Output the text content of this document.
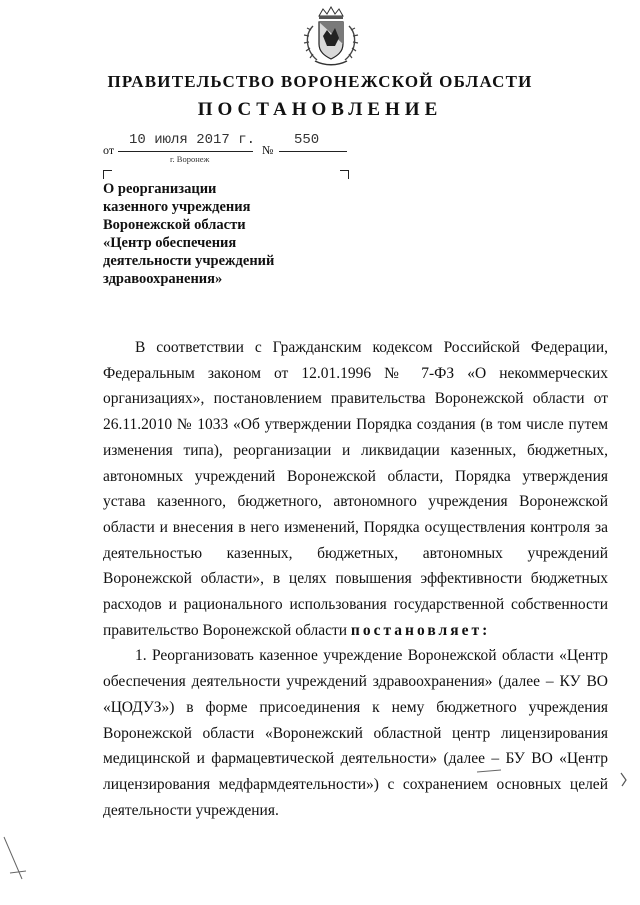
ПРАВИТЕЛЬСТВО ВОРОНЕЖСКОЙ ОБЛАСТИ
ПОСТАНОВЛЕНИЕ
от
10 июля 2017 г.
№
550
г. Воронеж
О реорганизации
казенного учреждения
Воронежской области
«Центр обеспечения
деятельности учреждений
здравоохранения»

В соответствии с Гражданским кодексом Российской Федерации, Федеральным законом от 12.01.1996 № 7-ФЗ «О некоммерческих организациях», постановлением правительства Воронежской области от 26.11.2010 № 1033 «Об утверждении Порядка создания (в том числе путем изменения типа), реорганизации и ликвидации казенных, бюджетных, автономных учреждений Воронежской области, Порядка утверждения устава казенного, бюджетного, автономного учреждения Воронежской области и внесения в него изменений, Порядка осуществления контроля за деятельностью казенных, бюджетных, автономных учреждений Воронежской области», в целях повышения эффективности бюджетных расходов и рационального использования государственной собственности правительство Воронежской области постановляет:

1. Реорганизовать казенное учреждение Воронежской области «Центр обеспечения деятельности учреждений здравоохранения» (далее – КУ ВО «ЦОДУЗ») в форме присоединения к нему бюджетного учреждения Воронежской области «Воронежский областной центр лицензирования медицинской и фармацевтической деятельности» (далее – БУ ВО «Центр лицензирования медфармдеятельности») с сохранением основных целей деятельности учреждения.
